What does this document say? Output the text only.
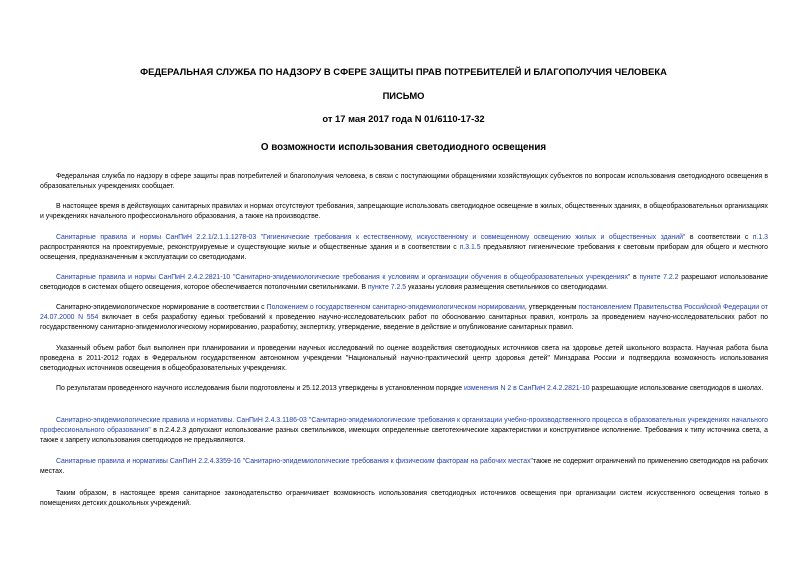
ФЕДЕРАЛЬНАЯ СЛУЖБА ПО НАДЗОРУ В СФЕРЕ ЗАЩИТЫ ПРАВ ПОТРЕБИТЕЛЕЙ И БЛАГОПОЛУЧИЯ ЧЕЛОВЕКА
ПИСЬМО
от 17 мая 2017 года N 01/6110-17-32
О возможности использования светодиодного освещения

Федеральная служба по надзору в сфере защиты прав потребителей и благополучия человека, в связи с поступающими обращениями хозяйствующих субъектов по вопросам использования светодиодного освещения в образовательных учреждениях сообщает.

В настоящее время в действующих санитарных правилах и нормах отсутствуют требования, запрещающие использовать светодиодное освещение в жилых, общественных зданиях, в общеобразовательных организациях и учреждениях начального профессионального образования, а также на производстве.

Санитарные правила и нормы СанПиН 2.2.1/2.1.1.1278-03 "Гигиенические требования к естественному, искусственному и совмещенному освещению жилых и общественных зданий" в соответствии с п.1.3 распространяются на проектируемые, реконструируемые и существующие жилые и общественные здания и в соответствии с п.3.1.5 предъявляют гигиенические требования к световым приборам для общего и местного освещения, предназначенным к эксплуатации со светодиодами.

Санитарные правила и нормы СанПиН 2.4.2.2821-10 "Санитарно-эпидемиологические требования к условиям и организации обучения в общеобразовательных учреждениях" в пункте 7.2.2 разрешают использование светодиодов в системах общего освещения, которое обеспечивается потолочными светильниками. В пункте 7.2.5 указаны условия размещения светильников со светодиодами.

Санитарно-эпидемиологическое нормирование в соответствии с Положением о государственном санитарно-эпидемиологическом нормировании, утвержденным постановлением Правительства Российской Федерации от 24.07.2000 N 554 включает в себя разработку единых требований к проведению научно-исследовательских работ по обоснованию санитарных правил, контроль за проведением научно-исследовательских работ по государственному санитарно-эпидемиологическому нормированию, разработку, экспертизу, утверждение, введение в действие и опубликование санитарных правил.

Указанный объем работ был выполнен при планировании и проведении научных исследований по оценке воздействия светодиодных источников света на здоровье детей школьного возраста. Научная работа была проведена в 2011-2012 годах в Федеральном государственном автономном учреждении "Национальный научно-практический центр здоровья детей" Минздрава России и подтвердила возможность использования светодиодных источников освещения в общеобразовательных учреждениях.

По результатам проведенного научного исследования были подготовлены и 25.12.2013 утверждены в установленном порядке изменения N 2 в СанПиН 2.4.2.2821-10 разрешающие использование светодиодов в школах.

Санитарно-эпидемиологические правила и нормативы. СанПиН 2.4.3.1186-03 "Санитарно-эпидемиологические требования к организации учебно-производственного процесса в образовательных учреждениях начального профессионального образования" в п.2.4.2.3 допускают использование разных светильников, имеющих определенные светотехнические характеристики и конструктивное исполнение. Требования к типу источника света, а также к запрету использования светодиодов не предъявляются.

Санитарные правила и нормативы СанПиН 2.2.4.3359-16 "Санитарно-эпидемиологические требования к физическим факторам на рабочих местах"также не содержит ограничений по применению светодиодов на рабочих местах.

Таким образом, в настоящее время санитарное законодательство ограничивает возможность использования светодиодных источников освещения при организации систем искусственного освещения только в помещениях детских дошкольных учреждений.
